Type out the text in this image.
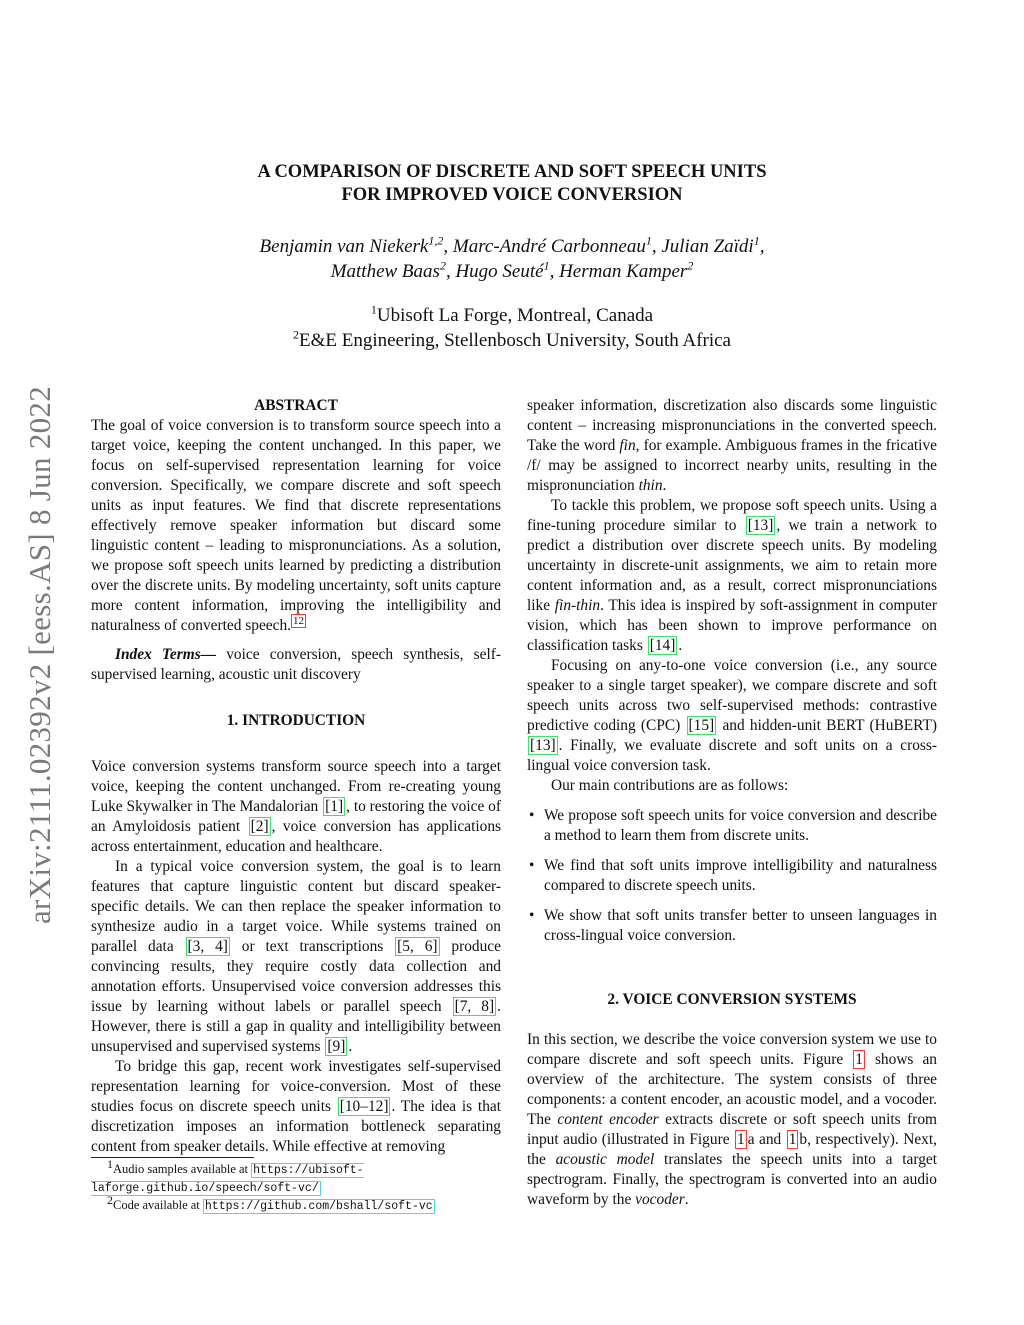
arXiv:2111.02392v2 [eess.AS] 8 Jun 2022
A COMPARISON OF DISCRETE AND SOFT SPEECH UNITS
FOR IMPROVED VOICE CONVERSION
Benjamin van Niekerk$^{1,2}$, Marc-André Carbonneau$^1$, Julian Zaïdi$^1$,
Matthew Baas$^2$, Hugo Seuté$^1$, Herman Kamper$^2$
$^1$Ubisoft La Forge, Montreal, Canada
$^2$E&E Engineering, Stellenbosch University, South Africa
ABSTRACT

The goal of voice conversion is to transform source speech into a target voice, keeping the content unchanged. In this paper, we focus on self-supervised representation learning for voice conversion. Specifically, we compare discrete and soft speech units as input features. We find that discrete representations effectively remove speaker information but discard some linguistic content – leading to mispronunciations. As a solution, we propose soft speech units learned by predicting a distribution over the discrete units. By modeling uncertainty, soft units capture more content information, improving the intelligibility and naturalness of converted speech. $^{12}$

Index Terms— voice conversion, speech synthesis, self-supervised learning, acoustic unit discovery

1. INTRODUCTION

Voice conversion systems transform source speech into a target voice, keeping the content unchanged. From re-creating young Luke Skywalker in The Mandalorian [1] , to restoring the voice of an Amyloidosis patient [2] , voice conversion has applications across entertainment, education and healthcare.

In a typical voice conversion system, the goal is to learn features that capture linguistic content but discard speaker-specific details. We can then replace the speaker information to synthesize audio in a target voice. While systems trained on parallel data [3, 4] or text transcriptions [5, 6] produce convincing results, they require costly data collection and annotation efforts. Unsupervised voice conversion addresses this issue by learning without labels or parallel speech [7, 8] . However, there is still a gap in quality and intelligibility between unsupervised and supervised systems [9] .

To bridge this gap, recent work investigates self-supervised representation learning for voice-conversion. Most of these studies focus on discrete speech units [10–12] . The idea is that discretization imposes an information bottleneck separating content from speaker details. While effective at removing

$^1$Audio samples available at https://ubisoft-laforge.github.io/speech/soft-vc/

$^2$Code available at https://github.com/bshall/soft-vc

speaker information, discretization also discards some linguistic content – increasing mispronunciations in the converted speech. Take the word fin, for example. Ambiguous frames in the fricative /f/ may be assigned to incorrect nearby units, resulting in the mispronunciation thin.

To tackle this problem, we propose soft speech units. Using a fine-tuning procedure similar to [13] , we train a network to predict a distribution over discrete speech units. By modeling uncertainty in discrete-unit assignments, we aim to retain more content information and, as a result, correct mispronunciations like fin-thin. This idea is inspired by soft-assignment in computer vision, which has been shown to improve performance on classification tasks [14] .

Focusing on any-to-one voice conversion (i.e., any source speaker to a single target speaker), we compare discrete and soft speech units across two self-supervised methods: contrastive predictive coding (CPC) [15] and hidden-unit BERT (HuBERT) [13] . Finally, we evaluate discrete and soft units on a cross-lingual voice conversion task.

Our main contributions are as follows:

• We propose soft speech units for voice conversion and describe a method to learn them from discrete units.
• We find that soft units improve intelligibility and naturalness compared to discrete speech units.
• We show that soft units transfer better to unseen languages in cross-lingual voice conversion.
2. VOICE CONVERSION SYSTEMS

In this section, we describe the voice conversion system we use to compare discrete and soft speech units. Figure 1 shows an overview of the architecture. The system consists of three components: a content encoder, an acoustic model, and a vocoder. The content encoder extracts discrete or soft speech units from input audio (illustrated in Figure 1 a and 1 b, respectively). Next, the acoustic model translates the speech units into a target spectrogram. Finally, the spectrogram is converted into an audio waveform by the vocoder.
